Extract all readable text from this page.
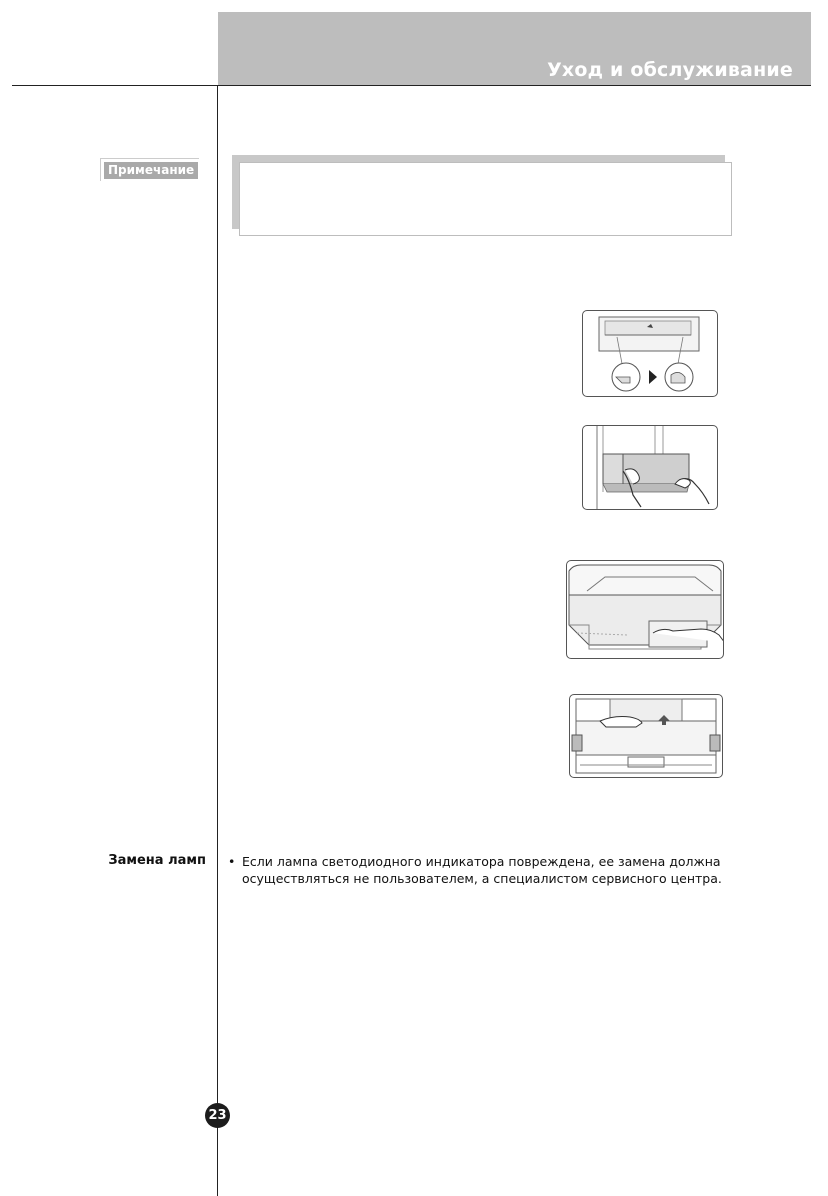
Уход и обслуживание
Примечание
Замена ламп • Если лампа светодиодного индикатора повреждена, ее замена должна осуществляться не пользователем, а специалистом сервисного центра.
23
